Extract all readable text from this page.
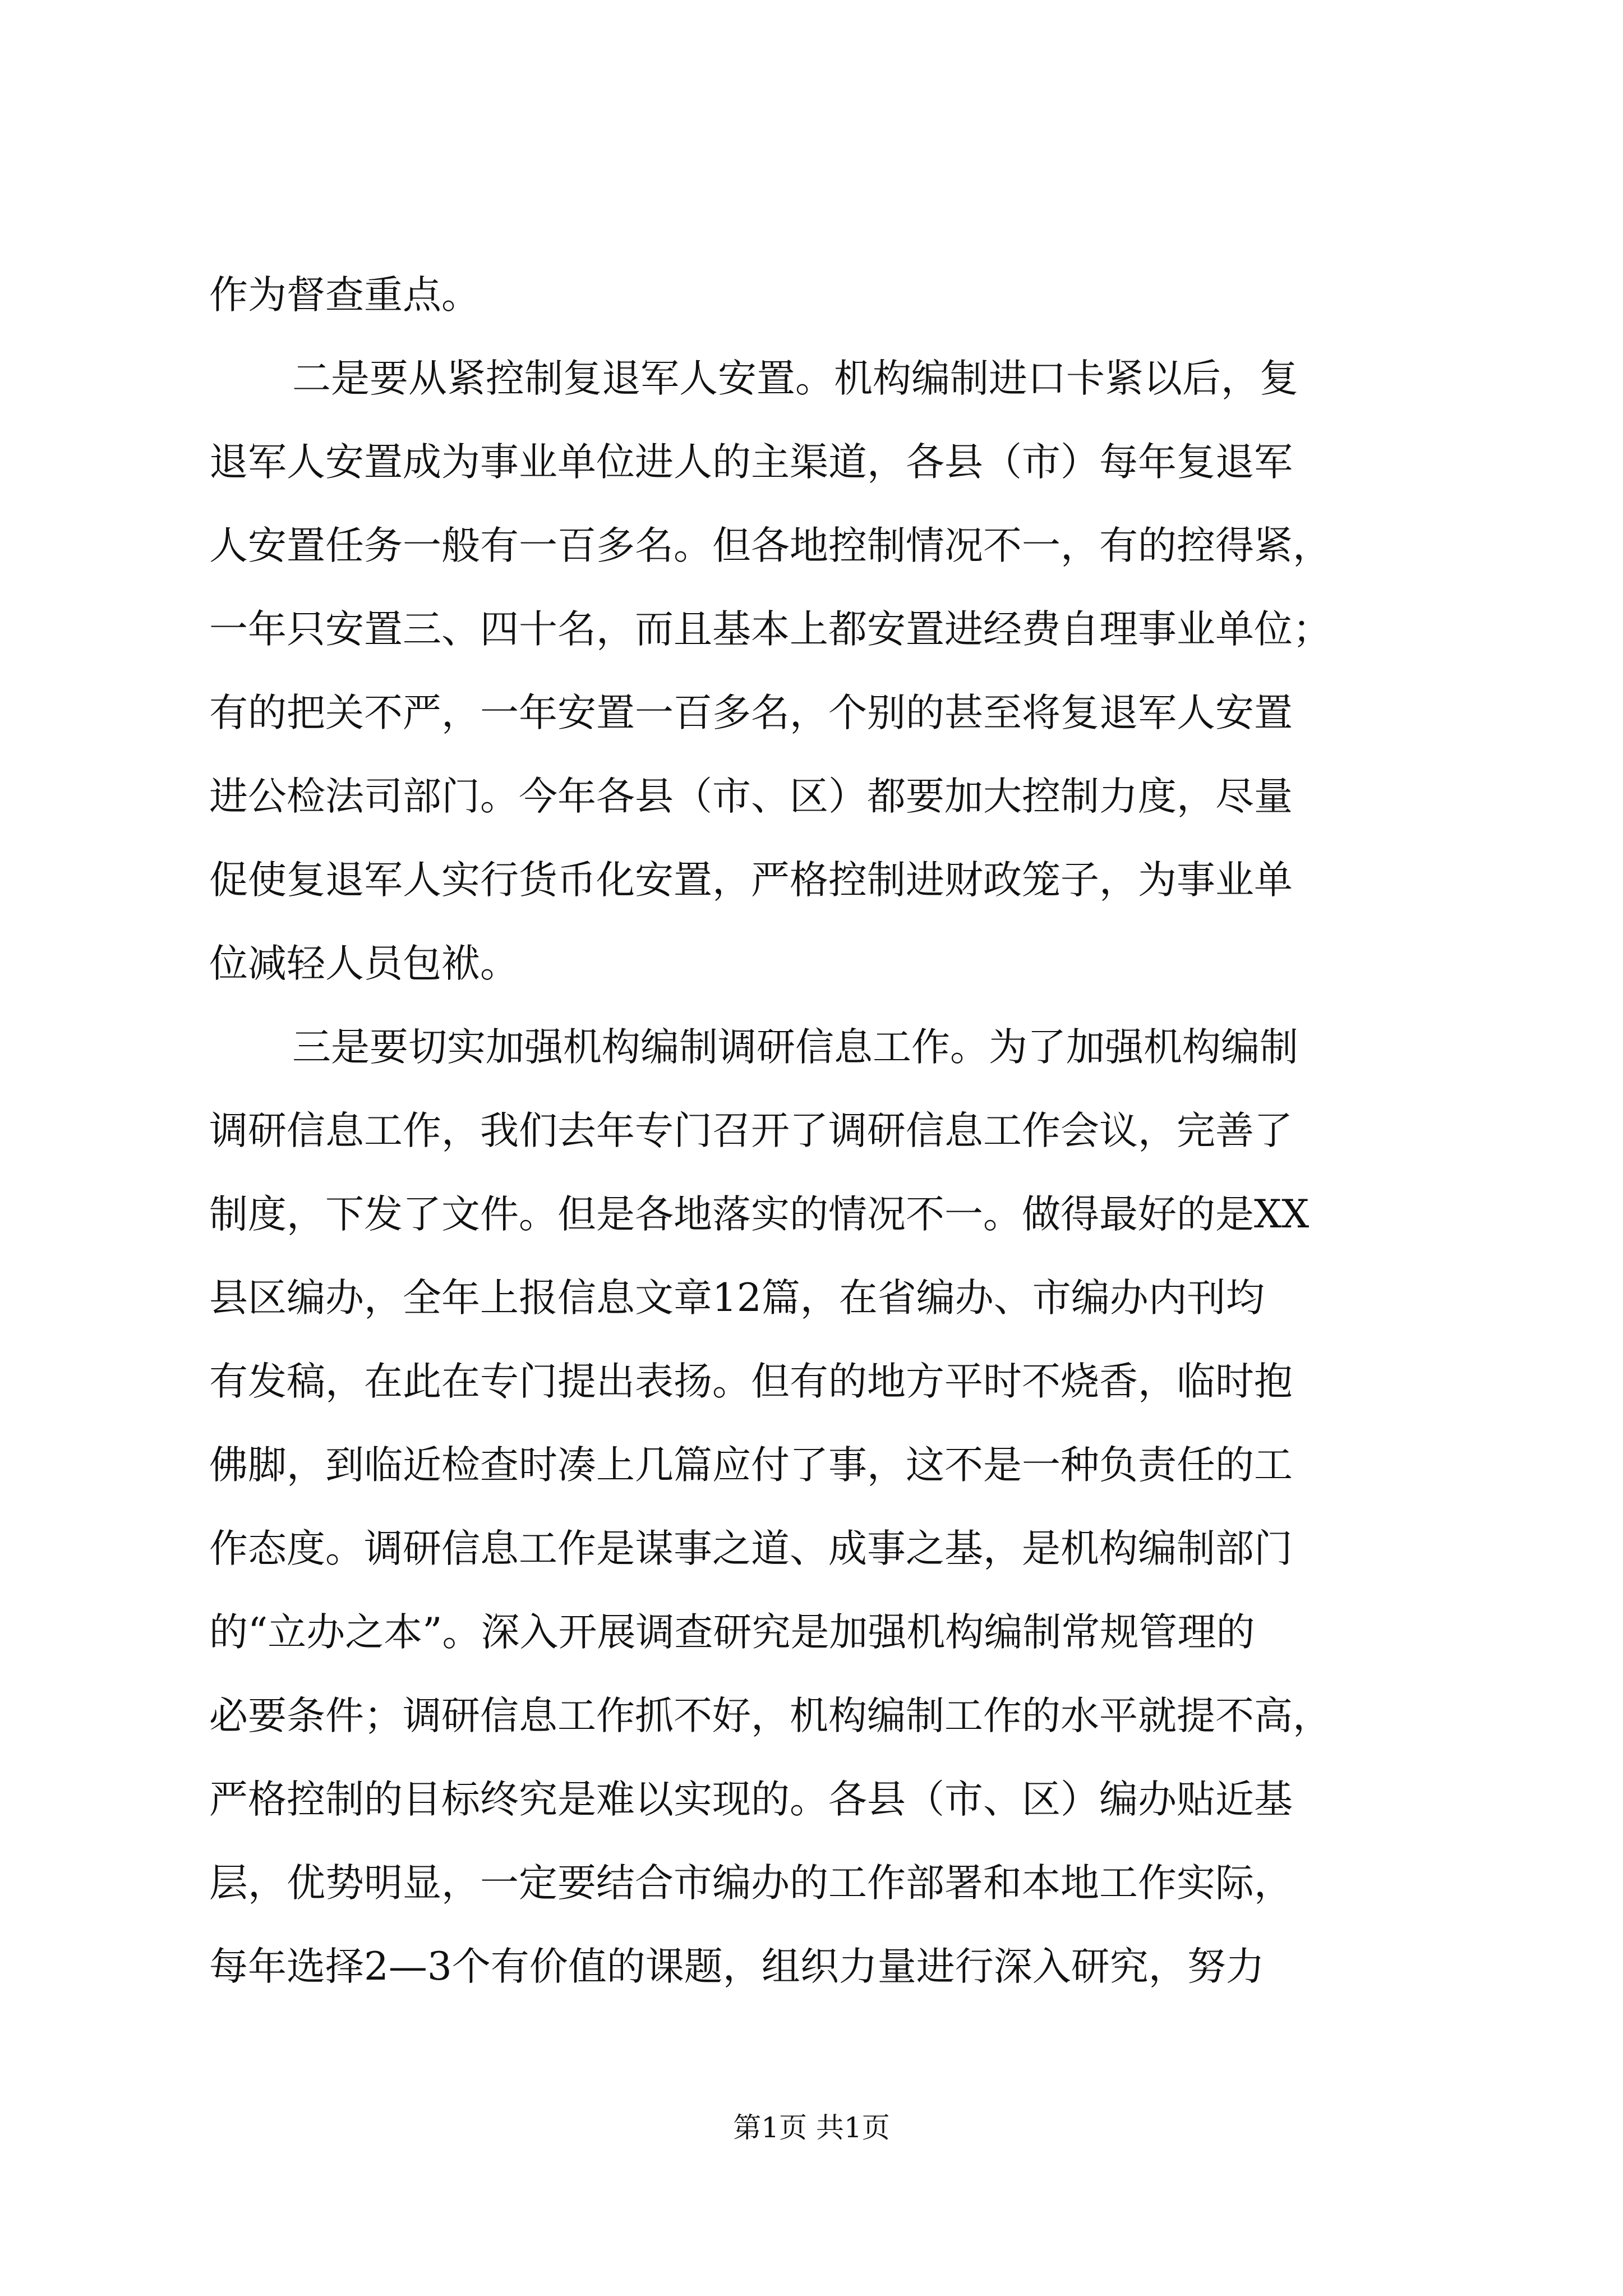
作为督查重点。
二是要从紧控制复退军人安置。机构编制进口卡紧以后，复
退军人安置成为事业单位进人的主渠道，各县（市）每年复退军
人安置任务一般有一百多名。但各地控制情况不一，有的控得紧，
一年只安置三、四十名，而且基本上都安置进经费自理事业单位；
有的把关不严，一年安置一百多名，个别的甚至将复退军人安置
进公检法司部门。今年各县（市、区）都要加大控制力度，尽量
促使复退军人实行货币化安置，严格控制进财政笼子，为事业单
位减轻人员包袱。
三是要切实加强机构编制调研信息工作。为了加强机构编制
调研信息工作，我们去年专门召开了调研信息工作会议，完善了
制度，下发了文件。但是各地落实的情况不一。做得最好的是XX
县区编办，全年上报信息文章12篇，在省编办、市编办内刊均
有发稿，在此在专门提出表扬。但有的地方平时不烧香，临时抱
佛脚，到临近检查时凑上几篇应付了事，这不是一种负责任的工
作态度。调研信息工作是谋事之道、成事之基，是机构编制部门
的“立办之本”。深入开展调查研究是加强机构编制常规管理的
必要条件；调研信息工作抓不好，机构编制工作的水平就提不高，
严格控制的目标终究是难以实现的。各县（市、区）编办贴近基
层，优势明显，一定要结合市编办的工作部署和本地工作实际，
每年选择2—3个有价值的课题，组织力量进行深入研究，努力
第1页 共1页
